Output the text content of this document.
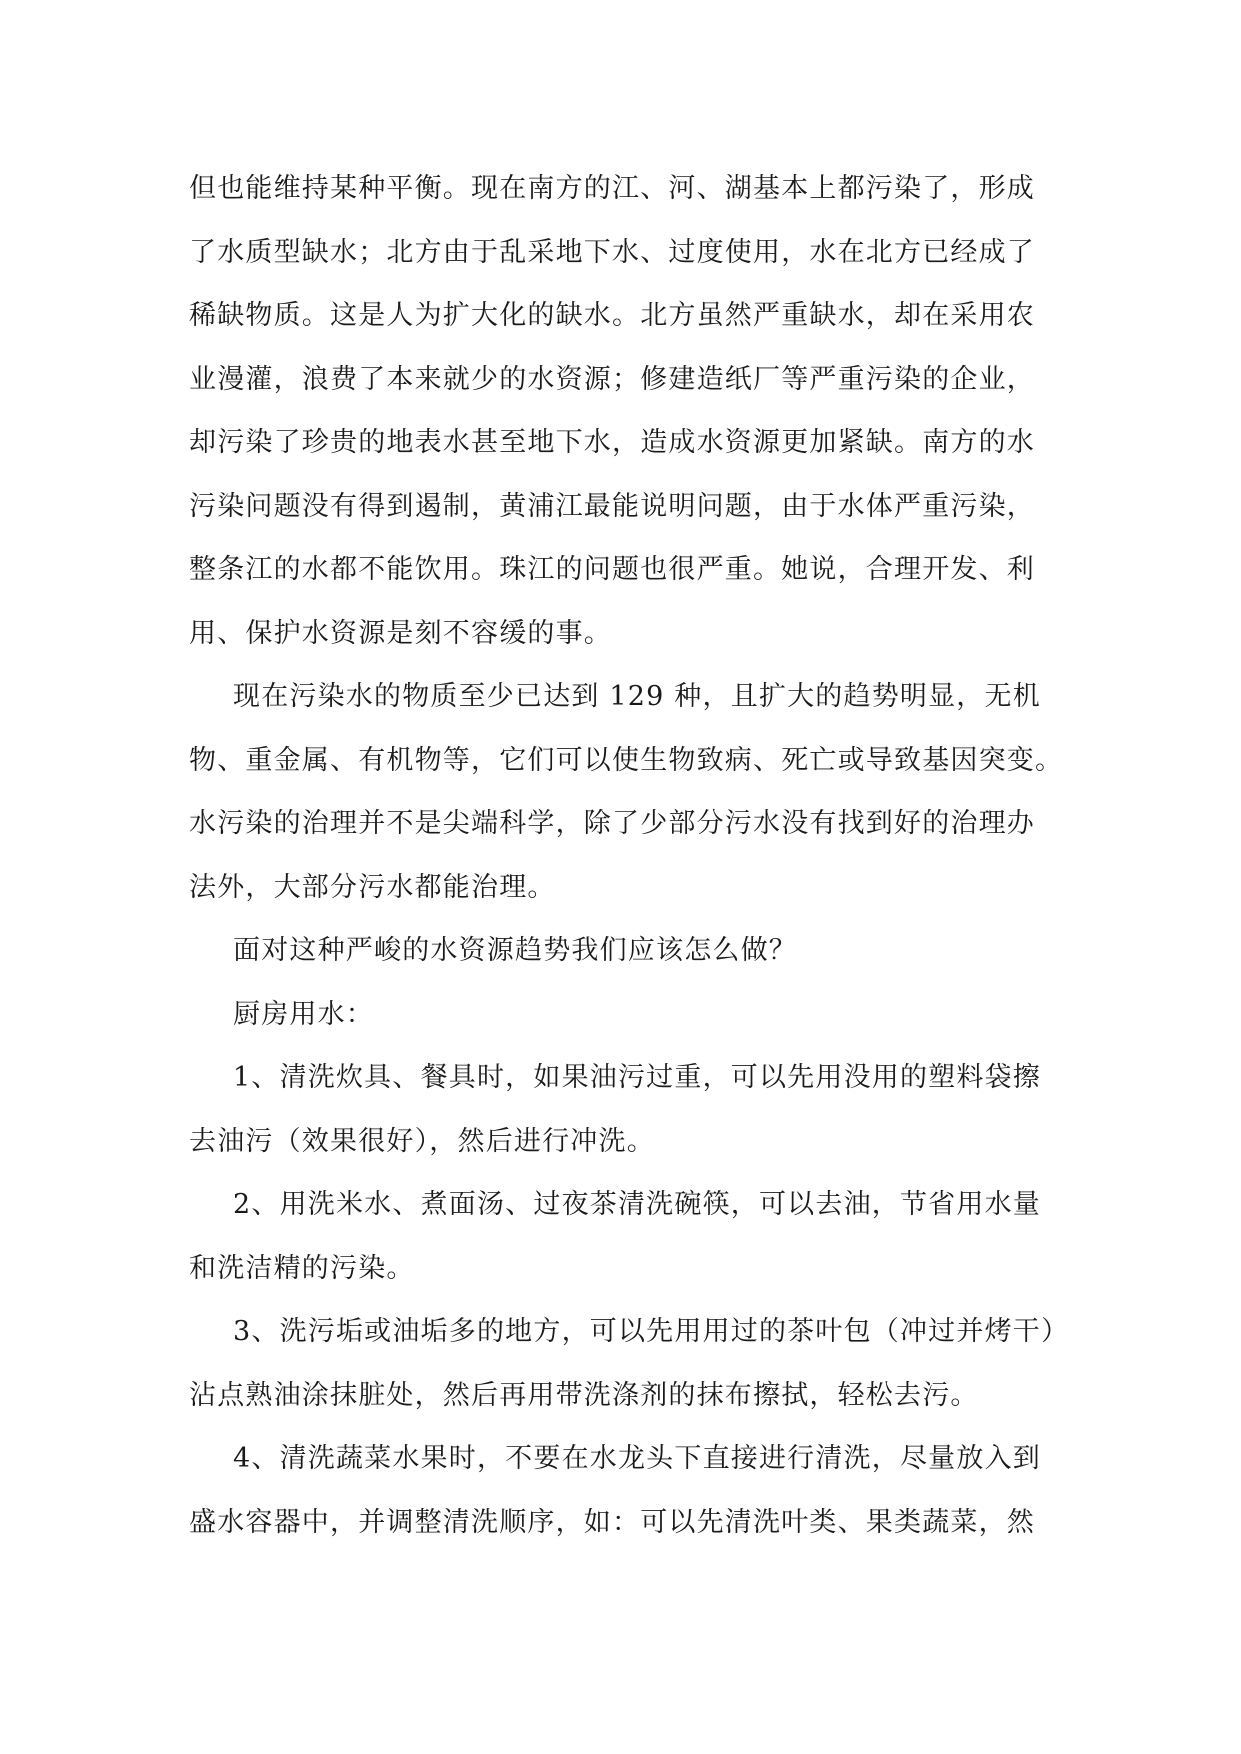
但也能维持某种平衡。现在南方的江、河、湖基本上都污染了，形成
了水质型缺水；北方由于乱采地下水、过度使用，水在北方已经成了
稀缺物质。这是人为扩大化的缺水。北方虽然严重缺水，却在采用农
业漫灌，浪费了本来就少的水资源；修建造纸厂等严重污染的企业，
却污染了珍贵的地表水甚至地下水，造成水资源更加紧缺。南方的水
污染问题没有得到遏制，黄浦江最能说明问题，由于水体严重污染，
整条江的水都不能饮用。珠江的问题也很严重。她说，合理开发、利
用、保护水资源是刻不容缓的事。
现在污染水的物质至少已达到 129 种，且扩大的趋势明显，无机
物、重金属、有机物等，它们可以使生物致病、死亡或导致基因突变。
水污染的治理并不是尖端科学，除了少部分污水没有找到好的治理办
法外，大部分污水都能治理。
面对这种严峻的水资源趋势我们应该怎么做？
厨房用水：
1、清洗炊具、餐具时，如果油污过重，可以先用没用的塑料袋擦
去油污（效果很好），然后进行冲洗。
2、用洗米水、煮面汤、过夜茶清洗碗筷，可以去油，节省用水量
和洗洁精的污染。
3、洗污垢或油垢多的地方，可以先用用过的茶叶包（冲过并烤干）
沾点熟油涂抹脏处，然后再用带洗涤剂的抹布擦拭，轻松去污。
4、清洗蔬菜水果时，不要在水龙头下直接进行清洗，尽量放入到
盛水容器中，并调整清洗顺序，如：可以先清洗叶类、果类蔬菜，然
